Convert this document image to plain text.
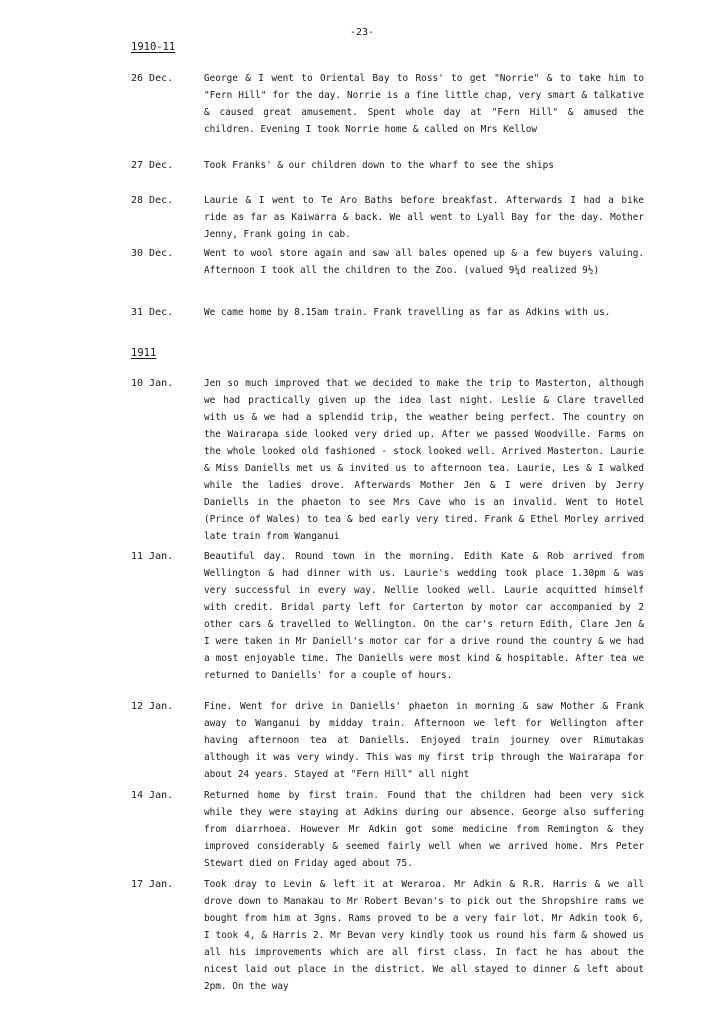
-23-
1910-11
26 Dec.	George & I went to Oriental Bay to Ross' to get "Norrie" & to take him to "Fern Hill" for the day. Norrie is a fine little chap, very smart & talkative & caused great amusement. Spent whole day at "Fern Hill" & amused the children. Evening I took Norrie home & called on Mrs Kellow
27 Dec.	Took Franks' & our children down to the wharf to see the ships
28 Dec.	Laurie & I went to Te Aro Baths before breakfast. Afterwards I had a bike ride as far as Kaiwarra & back. We all went to Lyall Bay for the day. Mother Jenny, Frank going in cab.
30 Dec.	Went to wool store again and saw all bales opened up & a few buyers valuing. Afternoon I took all the children to the Zoo. (valued 9¼d realized 9½)
31 Dec.	We came home by 8.15am train. Frank travelling as far as Adkins with us.
1911
10 Jan.	Jen so much improved that we decided to make the trip to Masterton, although we had practically given up the idea last night. Leslie & Clare travelled with us & we had a splendid trip, the weather being perfect. The country on the Wairarapa side looked very dried up. After we passed Woodville. Farms on the whole looked old fashioned - stock looked well. Arrived Masterton. Laurie & Miss Daniells met us & invited us to afternoon tea. Laurie, Les & I walked while the ladies drove. Afterwards Mother Jen & I were driven by Jerry Daniells in the phaeton to see Mrs Cave who is an invalid. Went to Hotel (Prince of Wales) to tea & bed early very tired. Frank & Ethel Morley arrived late train from Wanganui
11 Jan.	Beautiful day. Round town in the morning. Edith Kate & Rob arrived from Wellington & had dinner with us. Laurie's wedding took place 1.30pm & was very successful in every way. Nellie looked well. Laurie acquitted himself with credit. Bridal party left for Carterton by motor car accompanied by 2 other cars & travelled to Wellington. On the car's return Edith, Clare Jen & I were taken in Mr Daniell's motor car for a drive round the country & we had a most enjoyable time. The Daniells were most kind & hospitable. After tea we returned to Daniells' for a couple of hours.
12 Jan.	Fine. Went for drive in Daniells' phaeton in morning & saw Mother & Frank away to Wanganui by midday train. Afternoon we left for Wellington after having afternoon tea at Daniells. Enjoyed train journey over Rimutakas although it was very windy. This was my first trip through the Wairarapa for about 24 years. Stayed at "Fern Hill" all night
14 Jan.	Returned home by first train. Found that the children had been very sick while they were staying at Adkins during our absence. George also suffering from diarrhoea. However Mr Adkin got some medicine from Remington & they improved considerably & seemed fairly well when we arrived home. Mrs Peter Stewart died on Friday aged about 75.
17 Jan.	Took dray to Levin & left it at Weraroa. Mr Adkin & R.R. Harris & we all drove down to Manakau to Mr Robert Bevan's to pick out the Shropshire rams we bought from him at 3gns. Rams proved to be a very fair lot. Mr Adkin took 6, I took 4, & Harris 2. Mr Bevan very kindly took us round his farm & showed us all his improvements which are all first class. In fact he has about the nicest laid out place in the district. We all stayed to dinner & left about 2pm. On the way
